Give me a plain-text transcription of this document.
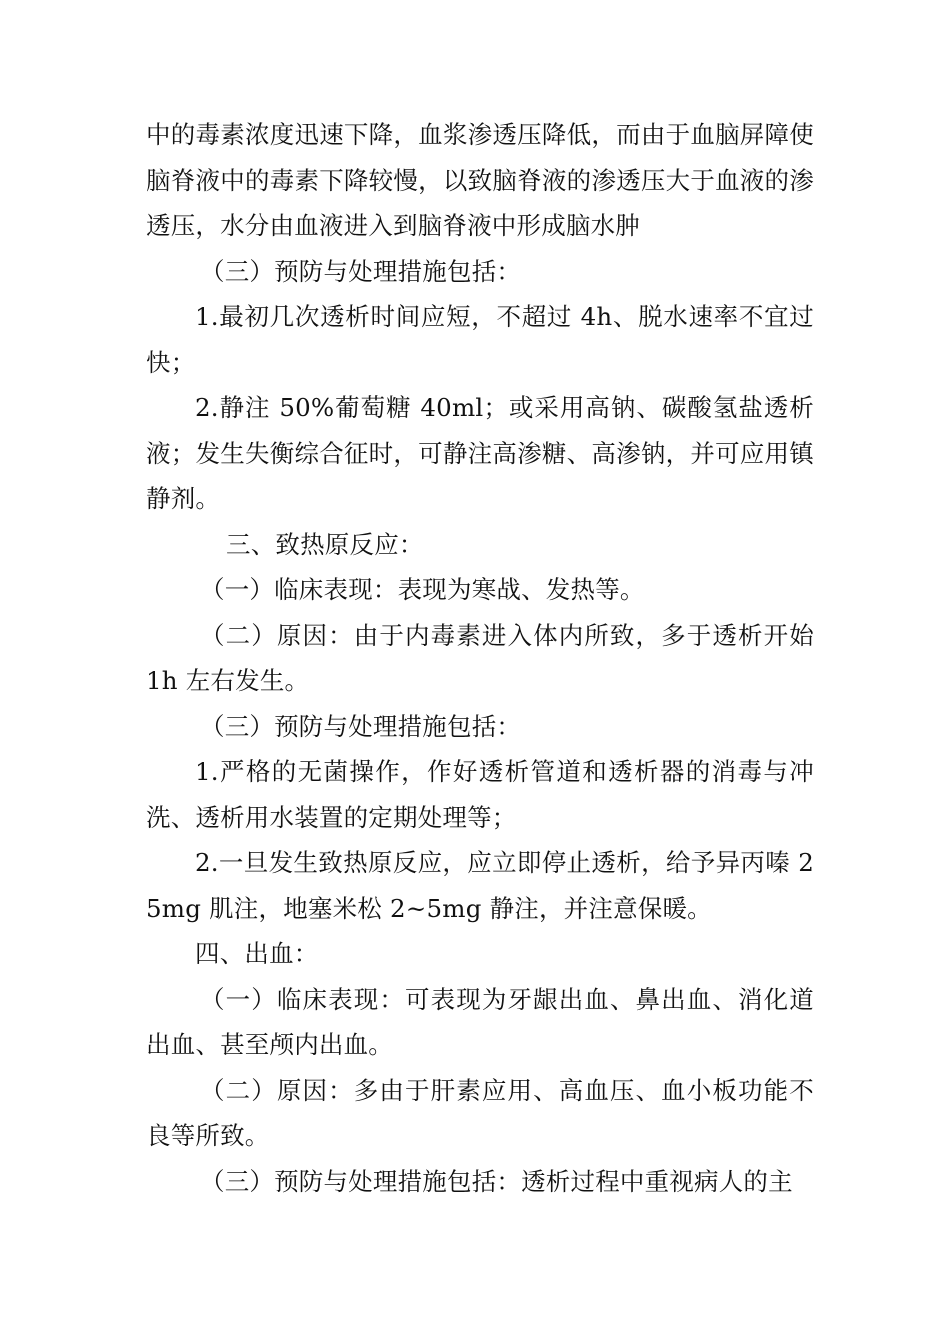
中的毒素浓度迅速下降，血浆渗透压降低，而由于血脑屏障使脑脊液中的毒素下降较慢，以致脑脊液的渗透压大于血液的渗透压，水分由血液进入到脑脊液中形成脑水肿

（三）预防与处理措施包括：

1.最初几次透析时间应短，不超过 4h、脱水速率不宜过快；

2.静注 50%葡萄糖 40ml；或采用高钠、碳酸氢盐透析液；发生失衡综合征时，可静注高渗糖、高渗钠，并可应用镇静剂。

三、致热原反应：

（一）临床表现：表现为寒战、发热等。

（二）原因：由于内毒素进入体内所致，多于透析开始 1h 左右发生。

（三）预防与处理措施包括：

1.严格的无菌操作，作好透析管道和透析器的消毒与冲洗、透析用水装置的定期处理等；

2.一旦发生致热原反应，应立即停止透析，给予异丙嗪 25mg 肌注，地塞米松 2~5mg 静注，并注意保暖。

四、出血：

（一）临床表现：可表现为牙龈出血、鼻出血、消化道出血、甚至颅内出血。

（二）原因：多由于肝素应用、高血压、血小板功能不良等所致。

（三）预防与处理措施包括：透析过程中重视病人的主
